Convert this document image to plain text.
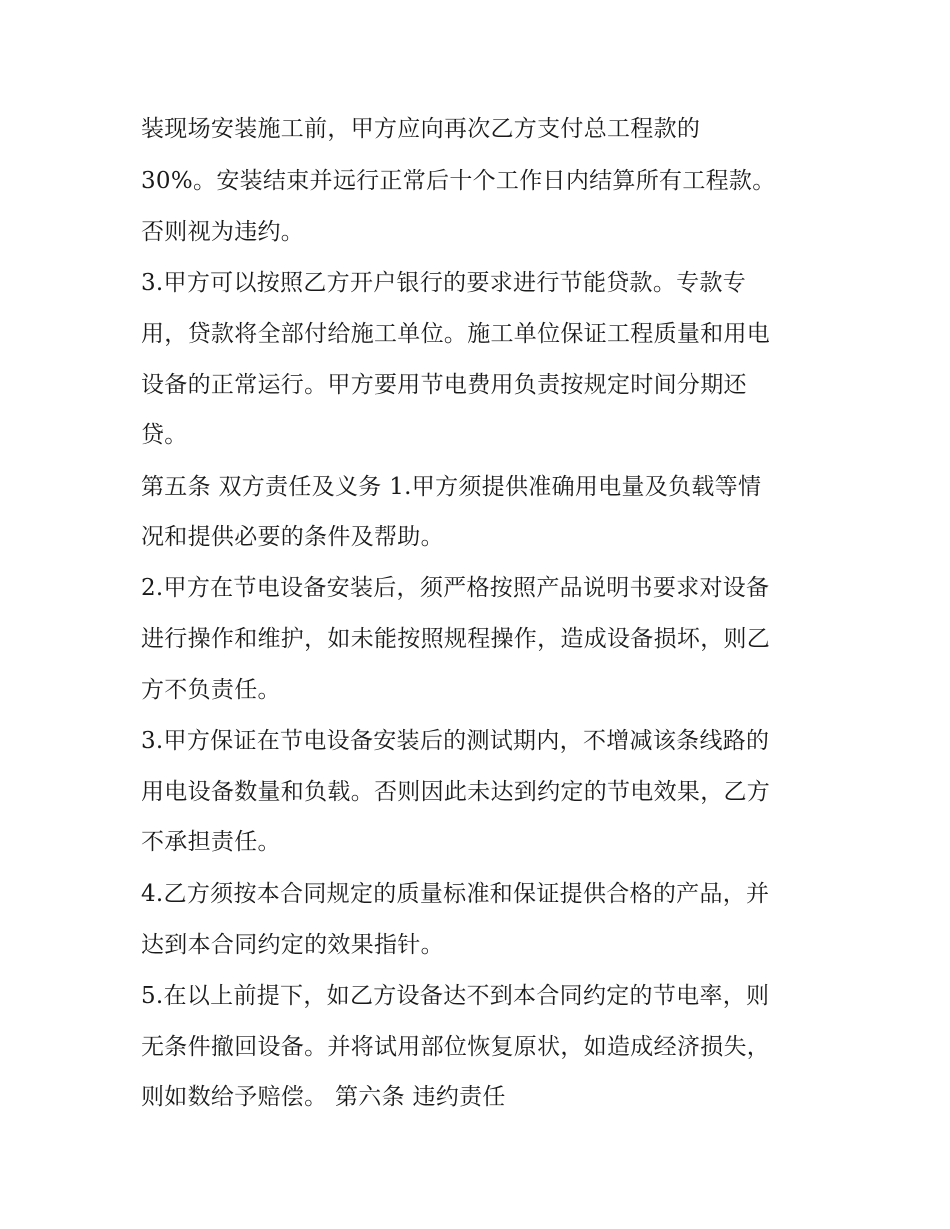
装现场安装施工前，甲方应向再次乙方支付总工程款的
30%。安装结束并远行正常后十个工作日内结算所有工程款。
否则视为违约。
3.甲方可以按照乙方开户银行的要求进行节能贷款。专款专
用，贷款将全部付给施工单位。施工单位保证工程质量和用电
设备的正常运行。甲方要用节电费用负责按规定时间分期还
贷。
第五条 双方责任及义务 1.甲方须提供准确用电量及负载等情
况和提供必要的条件及帮助。
2.甲方在节电设备安装后，须严格按照产品说明书要求对设备
进行操作和维护，如未能按照规程操作，造成设备损坏，则乙
方不负责任。
3.甲方保证在节电设备安装后的测试期内，不增减该条线路的
用电设备数量和负载。否则因此未达到约定的节电效果，乙方
不承担责任。
4.乙方须按本合同规定的质量标准和保证提供合格的产品，并
达到本合同约定的效果指针。
5.在以上前提下，如乙方设备达不到本合同约定的节电率，则
无条件撤回设备。并将试用部位恢复原状，如造成经济损失，
则如数给予赔偿。 第六条 违约责任
